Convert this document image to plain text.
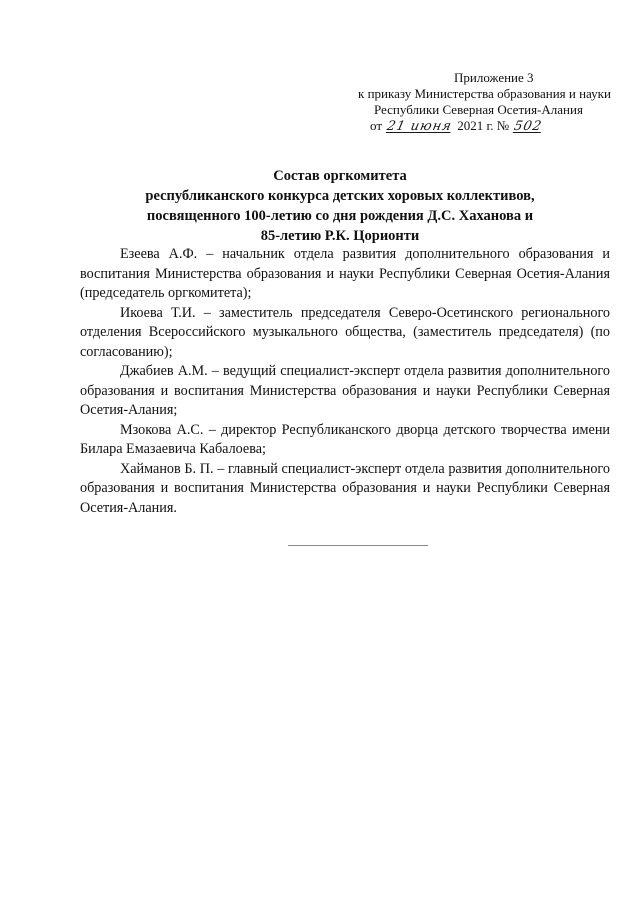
Приложение 3
к приказу Министерства образования и науки
Республики Северная Осетия-Алания
от 21 июня 2021 г. № 502
Состав оргкомитета
республиканского конкурса детских хоровых коллективов,
посвященного 100-летию со дня рождения Д.С. Хаханова и
85-летию Р.К. Цорионти

Езеева А.Ф. – начальник отдела развития дополнительного образования и воспитания Министерства образования и науки Республики Северная Осетия-Алания (председатель оргкомитета);

Икоева Т.И. – заместитель председателя Северо-Осетинского регионального отделения Всероссийского музыкального общества, (заместитель председателя) (по согласованию);

Джабиев А.М. – ведущий специалист-эксперт отдела развития дополнительного образования и воспитания Министерства образования и науки Республики Северная Осетия-Алания;

Мзокова А.С. – директор Республиканского дворца детского творчества имени Билара Емазаевича Кабалоева;

Хайманов Б. П. – главный специалист-эксперт отдела развития дополнительного образования и воспитания Министерства образования и науки Республики Северная Осетия-Алания.
